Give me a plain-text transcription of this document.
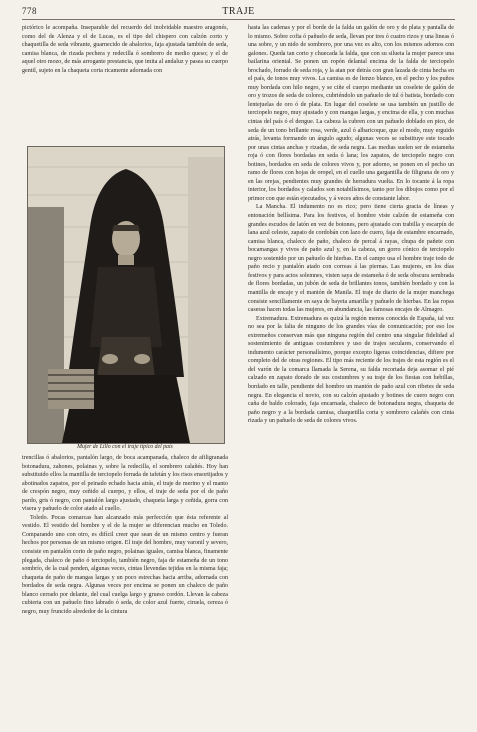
778	TRAJE

pictórico le acompaña. Inseparable del recuerdo del inolvidable maestro aragonés, como del de Alenza y el de Lucas, es el tipo del chispero con calzón corto y chaquetilla de seda vibrante, guarnecido de abalorios, faja ajustada también de seda, camisa blanca, de rizada pechera y redecilla ó sombrero de medio queso; y el de aquel otro mozo, de más arrogante prestancia, que imita al andaluz y pasea su cuerpo gentil, sujeto en la chaqueta corta ricamente adornada con

Mujer de Lillo con el traje típico del país

trencillas ó abalorios, pantalón largo, de boca acampanada, chaleco de afiligranada botonadura, zahones, polainas y, sobre la redecilla, el sombrero calañés. Hoy han substituido ellos la mantilla de terciopelo forrada de tafetán y los risos ensortijados y abotinados zapatos, por el peinado echado hacia atrás, el traje de merino y el manto de crespón negro, muy ceñido al cuerpo, y ellos, el traje de seda por el de paño pardo, gris ó negro, con pantalón largo ajustado, chaqueta larga y ceñida, gorra con visera y pañuelo de color atado al cuello.

Toledo. Pocas comarcas han alcanzado más perfección que ésta referente al vestido. El vestido del hombre y el de la mujer se diferencian mucho en Toledo. Comparando uno con otro, es difícil creer que sean de un mismo centro y fueran hechos por personas de un mismo origen. El traje del hombre, muy varonil y severo, consiste en pantalón corto de paño negro, polainas iguales, camisa blanca, finamente plegada, chaleco de paño ó terciopelo, también negro, faja de estameña de un tono sombrío, de la cual penden, algunas veces, cintas llevendas tejidas en la misma faja; chaqueta de paño de mangas largas y un poco estrechas hacia arriba, adornada con bordados de seda negra. Algunas veces por encima se ponen un chaleco de paño blanco cerrado por delante, del cual cuelga largo y grueso cordón. Llevan la cabeza cubierta con un pañuelo fino labrado ó seda, de color azul fuerte, ciruela, cereza ó negro, muy fruncido alrededor de la cintura

hasta las cadenas y por el borde de la falda un galón de oro y de plata y pantalla de lo mismo. Sobre cofia ó pañuelo de seda, llevan por tres ó cuatro rizos y una lineas ó una sobre, y un nido de sombrero, por una vez es alto, con los mismos adornos con galones. Queda tan corto y chuecada la falda, que con su silueta la mujer parece una bailarina oriental. Se ponen un ropón delantal encima de la falda de terciopelo brochado, forrado de seda roja, y la atan por detrás con gran lazada de cinta hecha en el país, de tonos muy vivos. La camisa es de lienzo blanco, en el pecho y los puños muy bordada con hilo negro, y se ciñe el cuerpo mediante un coselete de galón de oro y trozos de seda de colores, cubriéndolo un pañuelo de tul ó batista, bordado con lentejuelas de oro ó de plata. En lugar del coselete se usa también un justillo de terciopelo negro, muy ajustado y con mangas largas, y encima de ella, y con muchas cintas del país ó el dengue. La cabeza la cubren con un pañuelo doblado en pico, de seda de un tono brillante rosa, verde, azul ó albaricoque, que el modo, muy erguido atrás, levanta formando un ángulo agudo; algunas veces se substituye este tocado por unas cintas anchas y rizadas, de seda negra. Las medias suelen ser de estameña roja ó con flores bordadas en seda ó lana; los zapatos, de terciopelo negro con botines, bordados en seda de colores vivos y, por adorno, se ponen en el pecho un ramo de flores con hojas de oropel, en el cuello una gargantilla de filigrana de oro y en las orejas, pendientes muy grandes de herradura vuelta. En lo tocante á la ropa interior, los bordados y calados son notabilísimos, tanto por los dibujos como por el primor con que están ejecutados, y á veces años de constante labor.

La Mancha. El indumento no es rico; pero tiene cierta gracia de líneas y entonación bellísima. Para los festivos, el hombre viste calzón de estameña con grandes escudos de latón en vez de botones, pero ajustado con trabilla y escarpín de lana azul celeste, zapato de cordobán con lazo de cuero, faja de estambre encarnado, camisa blanca, chaleco de paño, chaleco de percal á rayas, chupa de pañete con bocamangas y vivos de paño azul y, en la cabeza, un gorro cónico de terciopelo negro sostenido por un pañuelo de hierbas. En el campo usa el hombre traje todo de paño recio y pantalón atado con correas á las piernas. Las mujeres, en los días festivos y para actos solemnes, visten saya de estameña ó de seda obscura sembrada de flores bordadas, un jubón de seda de brillantes tonos, también bordado y con la mantilla de encaje y el mantón de Manila. El traje de diario de la mujer manchega consiste sencillamente en saya de bayeta amarilla y pañuelo de hierbas. En las ropas caseras hacen todas las mujeres, en abundancia, las famosas encajes de Almagro.

Extremadura. Extremadura es quizá la región menos conocida de España, tal vez no sea por la falta de ninguno de los grandes vías de comunicación; por eso los extremeños conservan más que ninguna región del centro una singular fidelidad al sostenimiento de antiguas costumbres y uso de trajes seculares, conservando el indumento carácter personalísimo, porque excepto ligeras coincidencias, difiere por completo del de otras regiones. El tipo más reciente de los trajes de esta región es el del varón de la comarca llamada la Serena, su falda recortada deja asomar el pié calzado en zapato dorado de sus costumbres y su traje de los fiestas con hebillas, bordado en talle, pendiente del hombro un mantón de paño azul con ribetes de seda negra. En elegancia el novio, con su calzón ajustado y botines de cuero negro con caña de baldo colorado, faja encarnada, chaleco de botonadura negra, chaqueta de paño negro y a la bordada camisa, chaquetilla corta y sombrero calañés con cinta rizada y un pañuelo de seda de colores vivos.
